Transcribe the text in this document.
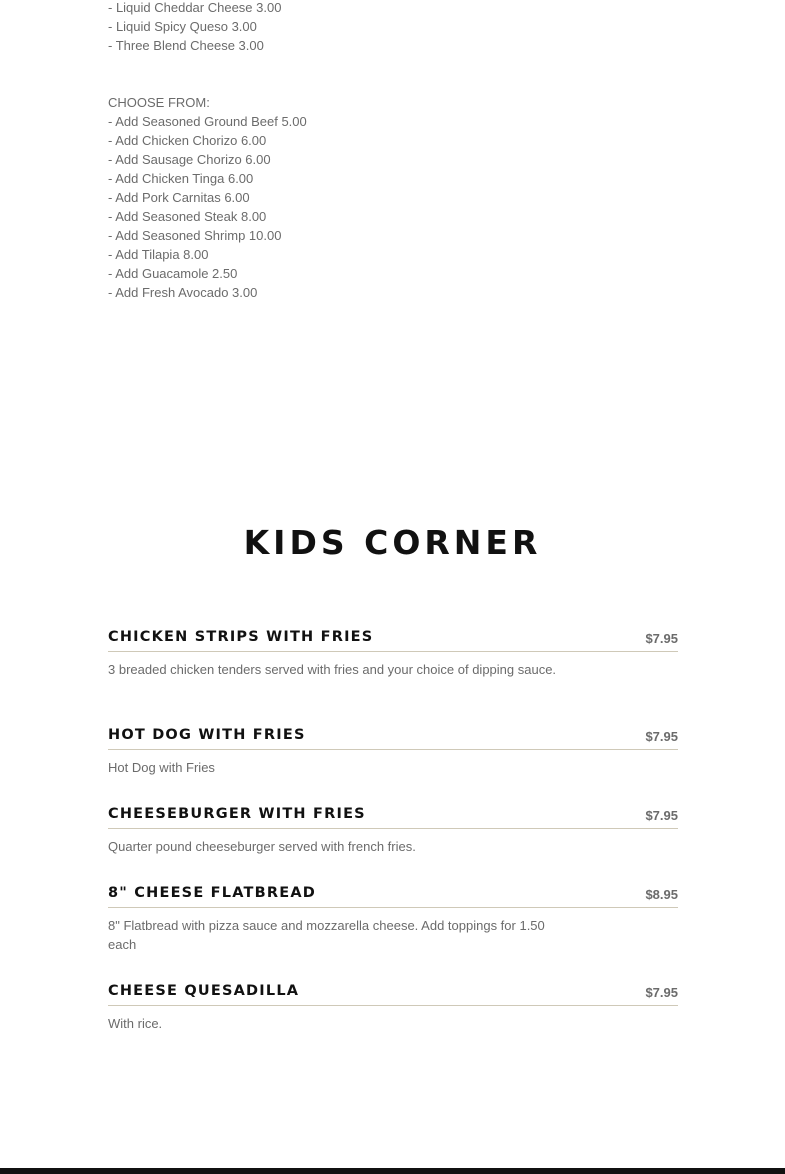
- Liquid Cheddar Cheese 3.00
- Liquid Spicy Queso 3.00
- Three Blend Cheese 3.00
CHOOSE FROM:
- Add Seasoned Ground Beef 5.00
- Add Chicken Chorizo 6.00
- Add Sausage Chorizo 6.00
- Add Chicken Tinga 6.00
- Add Pork Carnitas 6.00
- Add Seasoned Steak 8.00
- Add Seasoned Shrimp 10.00
- Add Tilapia 8.00
- Add Guacamole 2.50
- Add Fresh Avocado 3.00
KIDS CORNER
CHICKEN STRIPS WITH FRIES	$7.95
3 breaded chicken tenders served with fries and your choice of dipping sauce.
HOT DOG WITH FRIES	$7.95
Hot Dog with Fries
CHEESEBURGER WITH FRIES	$7.95
Quarter pound cheeseburger served with french fries.
8" CHEESE FLATBREAD	$8.95
8" Flatbread with pizza sauce and mozzarella cheese. Add toppings for 1.50 each
CHEESE QUESADILLA	$7.95
With rice.
